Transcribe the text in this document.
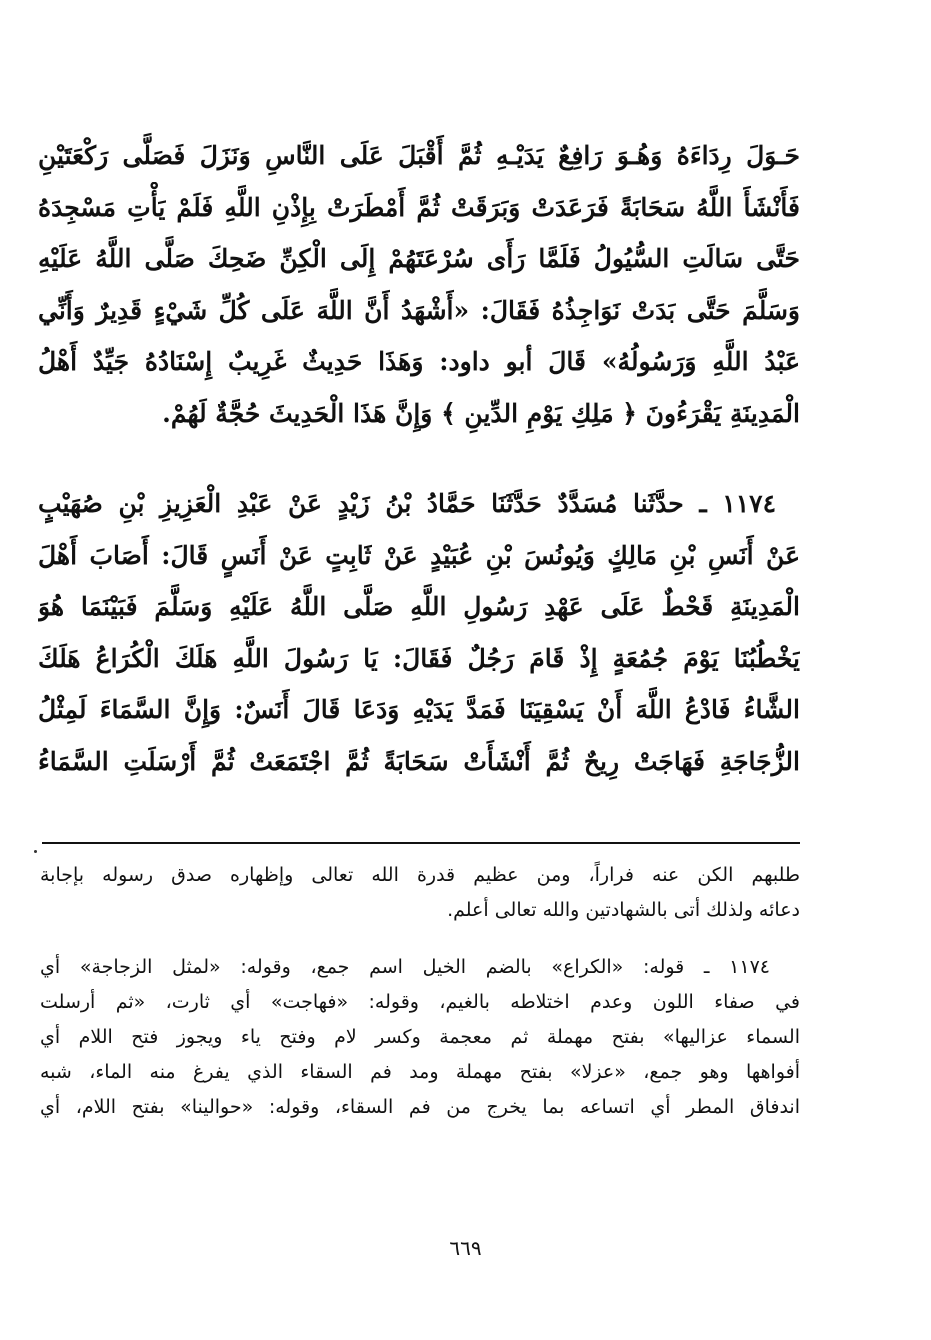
حَـوَلَ رِدَاءَهُ وَهُـوَ رَافِعٌ يَدَيْـهِ ثُمَّ أَقْبَلَ عَلَى النَّاسِ وَنَزَلَ فَصَلَّى رَكْعَتَيْنِ
فَأَنْشَأَ اللَّهُ سَحَابَةً فَرَعَدَتْ وَبَرَقَتْ ثُمَّ أَمْطَرَتْ بِإِذْنِ اللَّهِ فَلَمْ يَأْتِ مَسْجِدَهُ
حَتَّى سَالَتِ السُّيُولُ فَلَمَّا رَأَى سُرْعَتَهُمْ إِلَى الْكِنِّ ضَحِكَ صَلَّى اللَّهُ عَلَيْهِ
وَسَلَّمَ حَتَّى بَدَتْ نَوَاجِذُهُ فَقَالَ: «أَشْهَدُ أَنَّ اللَّهَ عَلَى كُلِّ شَيْءٍ قَدِيرٌ وَأَنِّي
عَبْدُ اللَّهِ وَرَسُولُهُ» قَالَ أبو داود: وَهَذَا حَدِيثٌ غَرِيبٌ إِسْنَادُهُ جَيِّدٌ أَهْلُ
الْمَدِينَةِ يَقْرَءُونَ ﴿ مَلِكِ يَوْمِ الدِّينِ ﴾ وَإِنَّ هَذَا الْحَدِيثَ حُجَّةٌ لَهُمْ.
١١٧٤ ـ حدَّثَنا مُسَدَّدٌ حَدَّثَنَا حَمَّادُ بْنُ زَيْدٍ عَنْ عَبْدِ الْعَزِيزِ بْنِ صُهَيْبٍ
عَنْ أَنَسِ بْنِ مَالِكٍ وَيُونُسَ بْنِ عُبَيْدٍ عَنْ ثَابِتٍ عَنْ أَنَسٍ قَالَ: أَصَابَ أَهْلَ
الْمَدِينَةِ قَحْطٌ عَلَى عَهْدِ رَسُولِ اللَّهِ صَلَّى اللَّهُ عَلَيْهِ وَسَلَّمَ فَبَيْنَمَا هُوَ
يَخْطُبُنَا يَوْمَ جُمُعَةٍ إِذْ قَامَ رَجُلٌ فَقَالَ: يَا رَسُولَ اللَّهِ هَلَكَ الْكُرَاعُ هَلَكَ
الشَّاءُ فَادْعُ اللَّهَ أَنْ يَسْقِيَنَا فَمَدَّ يَدَيْهِ وَدَعَا قَالَ أَنَسٌ: وَإِنَّ السَّمَاءَ لَمِثْلُ
الزُّجَاجَةِ فَهَاجَتْ رِيحٌ ثُمَّ أَنْشَأَتْ سَحَابَةً ثُمَّ اجْتَمَعَتْ ثُمَّ أَرْسَلَتِ السَّمَاءُ
طلبهم الكن عنه فراراً، ومن عظيم قدرة الله تعالى وإظهاره صدق رسوله بإجابة
دعائه ولذلك أتى بالشهادتين والله تعالى أعلم.
١١٧٤ ـ قوله: «الكراع» بالضم الخيل اسم جمع، وقوله: «لمثل الزجاجة» أي
في صفاء اللون وعدم اختلاطه بالغيم، وقوله: «فهاجت» أي ثارت، «ثم أرسلت
السماء عزاليها» بفتح مهملة ثم معجمة وكسر لام وفتح ياء ويجوز فتح اللام أي
أفواهها وهو جمع، «عزلا» بفتح مهملة ومد فم السقاء الذي يفرغ منه الماء، شبه
اندفاق المطر أي اتساعه بما يخرج من فم السقاء، وقوله: «حوالينا» بفتح اللام، أي
٦٦٩
